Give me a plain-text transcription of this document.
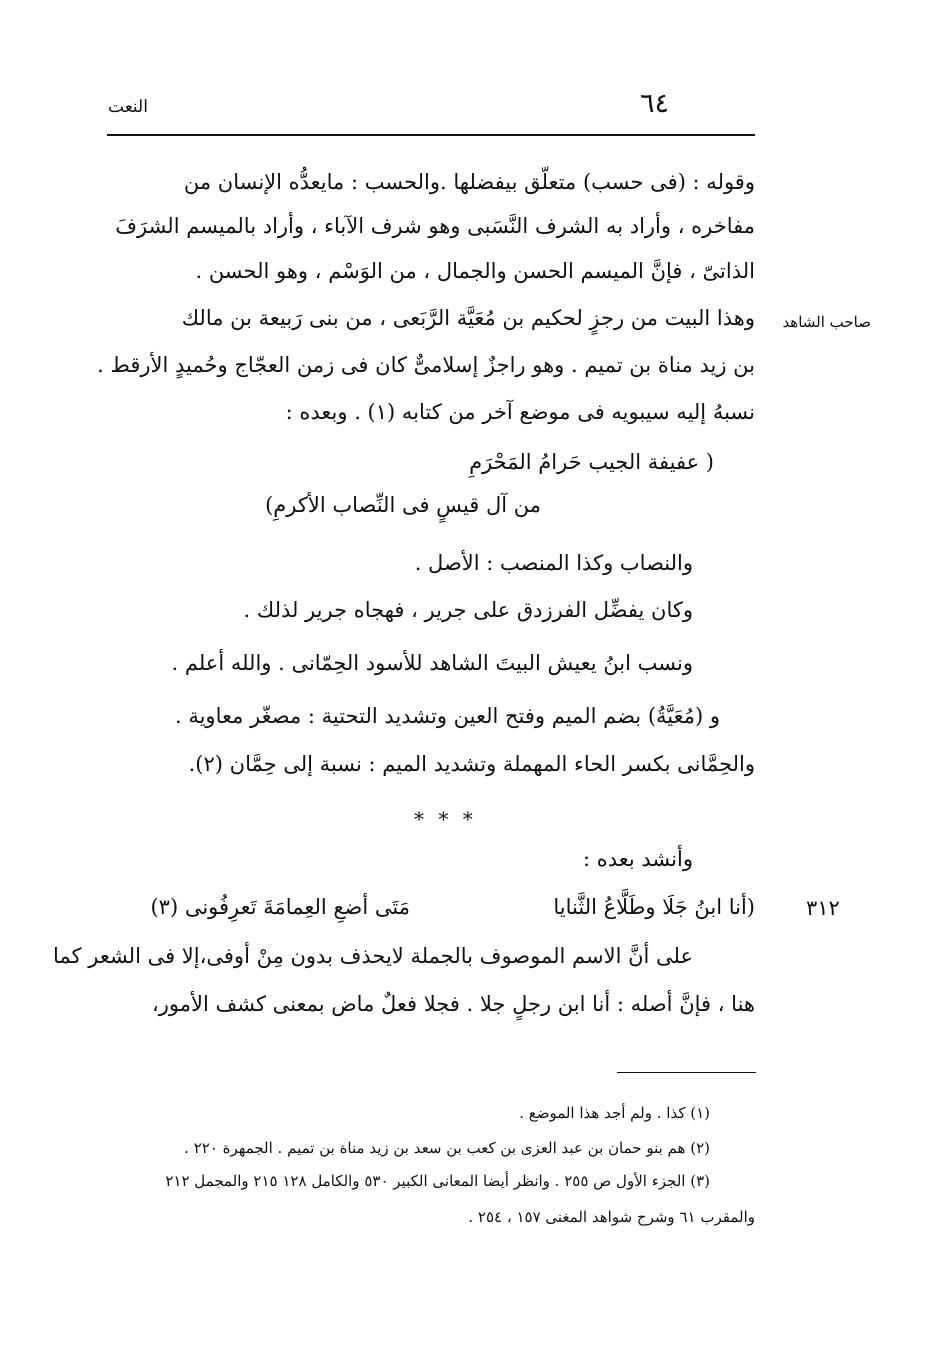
٦٤
النعت
وقوله : (فى حسب) متعلّق بيفضلها .والحسب : مايعدُّه الإنسان من
مفاخره ، وأراد به الشرف النَّسَبى وهو شرف الآباء ، وأراد بالميسم الشرَفَ
الذاتىّ ، فإنَّ الميسم الحسن والجمال ، من الوَسْم ، وهو الحسن .
صاحب الشاهد
وهذا البيت من رجزٍ لحكيم بن مُعَيَّة الرَّبَعى ، من بنى رَبيعة بن مالك
بن زيد مناة بن تميم . وهو راجزٌ إسلامىٌّ كان فى زمن العجّاج وحُميدٍ الأرقط .
نسبهُ إليه سيبويه فى موضع آخر من كتابه (١) . وبعده :
( عفيفة الجيب حَرامُ المَحْرَمِ
من آل قيسٍ فى النِّصاب الأكرمِ)
والنصاب وكذا المنصب : الأصل .
وكان يفضِّل الفرزدق على جرير ، فهجاه جرير لذلك .
ونسب ابنُ يعيش البيتَ الشاهد للأسود الحِمّانى . والله أعلم .
و (مُعَيَّةُ) بضم الميم وفتح العين وتشديد التحتية : مصغّر معاوية .
والحِمَّانى بكسر الحاء المهملة وتشديد الميم : نسبة إلى حِمَّان (٢).
* * *
وأنشد بعده :
٣١٢
(أنا ابنُ جَلَا وطَلَّاعُ الثَّنايا
مَتَى أضعِ العِمامَةَ تَعرِفُونى (٣)
على أنَّ الاسم الموصوف بالجملة لايحذف بدون مِنْ أوفى،إلا فى الشعر كما
هنا ، فإنَّ أصله : أنا ابن رجلٍ جلا . فجلا فعلٌ ماض بمعنى كشف الأمور،
(١) كذا . ولم أجد هذا الموضع .
(٢) هم بنو حمان بن عبد العزى بن كعب بن سعد بن زيد مناة بن تميم . الجمهرة ٢٢٠ .
(٣) الجزء الأول ص ٢٥٥ . وانظر أيضا المعانى الكبير ٥٣٠ والكامل ١٢٨ ٢١٥ والمجمل ٢١٢
والمقرب ٦١ وشرح شواهد المغنى ١٥٧ ، ٢٥٤ .
